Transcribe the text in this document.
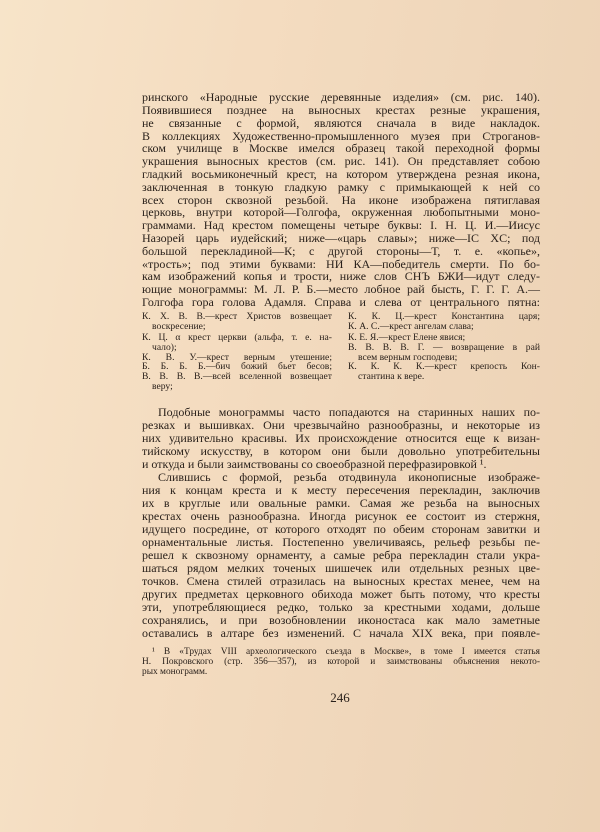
ринского «Народные русские деревянные изделия» (см. рис. 140).
Появившиеся позднее на выносных крестах резные украшения,
не связанные с формой, являются сначала в виде накладок.
В коллекциях Художественно-промышленного музея при Строганов-
ском училище в Москве имелся образец такой переходной формы
украшения выносных крестов (см. рис. 141). Он представляет собою
гладкий восьмиконечный крест, на котором утверждена резная икона,
заключенная в тонкую гладкую рамку с примыкающей к ней со
всех сторон сквозной резьбой. На иконе изображена пятиглавая
церковь, внутри которой—Голгофа, окруженная любопытными моно-
граммами. Над крестом помещены четыре буквы: I. Н. Ц. И.—Иисус
Назорей царь иудейский; ниже—«царь славы»; ниже—IC XC; под
большой перекладиной—К; с другой стороны—Т, т. е. «копье»,
«трость»; под этими буквами: НИ КА—победитель смерти. По бо-
кам изображений копья и трости, ниже слов СНЪ БЖИ—идут следу-
ющие монограммы: М. Л. Р. Б.—место лобное рай бысть, Г. Г. Г. А.—
Голгофа гора голова Адамля. Справа и слева от центрального пятна:
К. Х. В. В.—крест Христов возвещает
воскресение;
К. Ц. α крест церкви (альфа, т. е. на-
чало);
К. В. У.—крест верным утешение;
Б. Б. Б. Б.—бич божий бьет бесов;
В. В. В. В.—всей вселенной возвещает
веру;
К. К. Ц.—крест Константина царя;
К. А. С.—крест ангелам слава;
К. Е. Я.—крест Елене явися;
В. В. В. В. Г. — возвращение в рай
всем верным господеви;
К. К. К. К.—крест крепость Кон-
стантина к вере.
Подобные монограммы часто попадаются на старинных наших по-
резках и вышивках. Они чрезвычайно разнообразны, и некоторые из
них удивительно красивы. Их происхождение относится еще к визан-
тийскому искусству, в котором они были довольно употребительны
и откуда и были заимствованы со своеобразной перефразировкой ¹.
Слившись с формой, резьба отодвинула иконописные изображе-
ния к концам креста и к месту пересечения перекладин, заключив
их в круглые или овальные рамки. Самая же резьба на выносных
крестах очень разнообразна. Иногда рисунок ее состоит из стержня,
идущего посредине, от которого отходят по обеим сторонам завитки и
орнаментальные листья. Постепенно увеличиваясь, рельеф резьбы пе-
решел к сквозному орнаменту, а самые ребра перекладин стали укра-
шаться рядом мелких точеных шишечек или отдельных резных цве-
точков. Смена стилей отразилась на выносных крестах менее, чем на
других предметах церковного обихода может быть потому, что кресты
эти, употребляющиеся редко, только за крестными ходами, дольше
сохранялись, и при возобновлении иконостаса как мало заметные
оставались в алтаре без изменений. С начала XIX века, при появле-
¹ В «Трудах VIII археологического съезда в Москве», в томе I имеется статья
Н. Покровского (стр. 356—357), из которой и заимствованы объяснения некото-
рых монограмм.
246
